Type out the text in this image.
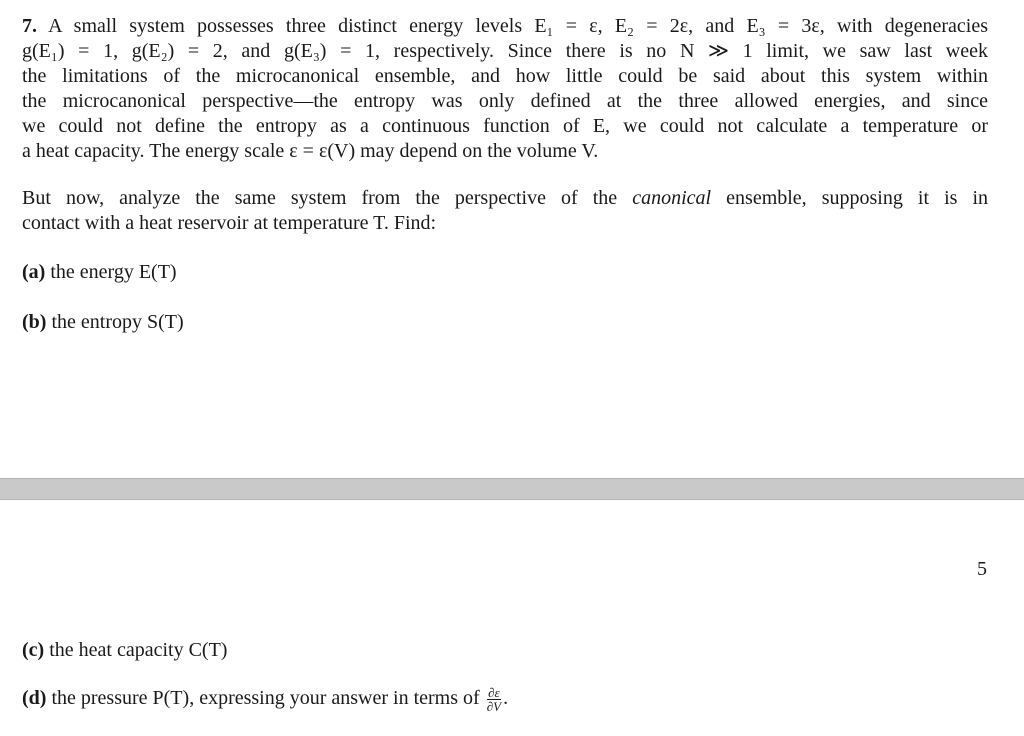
7. A small system possesses three distinct energy levels E₁ = ε, E₂ = 2ε, and E₃ = 3ε, with degeneracies
g(E₁) = 1, g(E₂) = 2, and g(E₃) = 1, respectively. Since there is no N ≫ 1 limit, we saw last week
the limitations of the microcanonical ensemble, and how little could be said about this system within
the microcanonical perspective—the entropy was only defined at the three allowed energies, and since
we could not define the entropy as a continuous function of E, we could not calculate a temperature or
a heat capacity. The energy scale ε = ε(V) may depend on the volume V.
But now, analyze the same system from the perspective of the canonical ensemble, supposing it is in
contact with a heat reservoir at temperature T. Find:
(a) the energy E(T)
(b) the entropy S(T)
5
(c) the heat capacity C(T)
(d) the pressure P(T), expressing your answer in terms of $\frac{\partial\varepsilon}{\partial V}$ .
